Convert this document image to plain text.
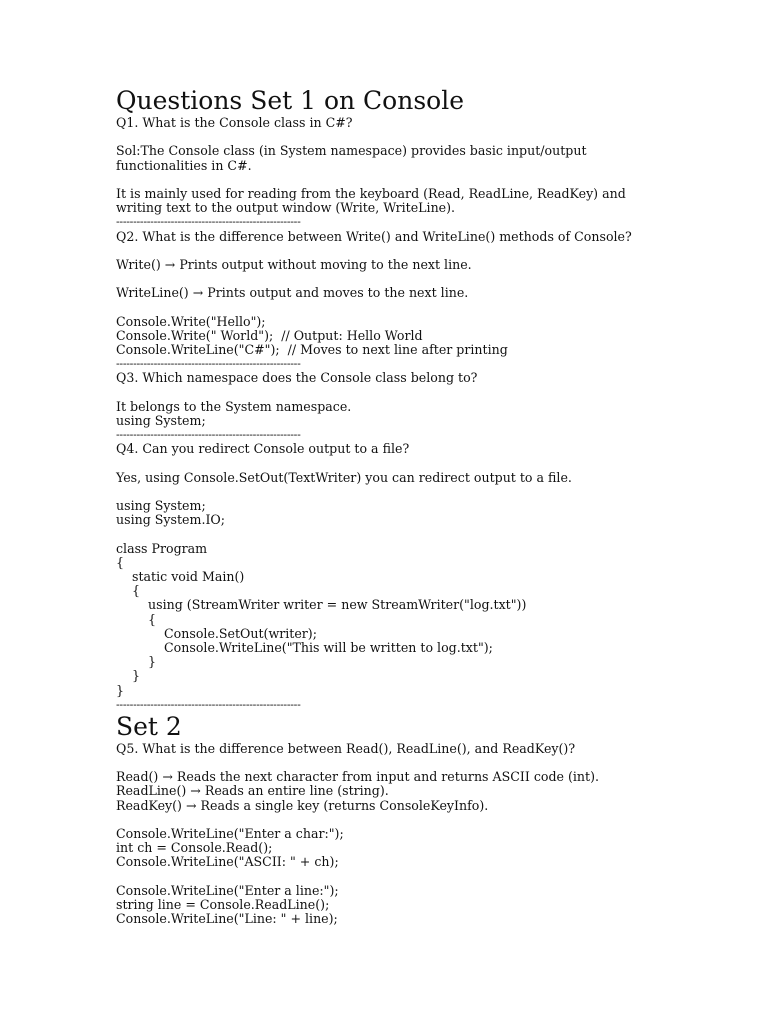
Questions Set 1 on Console
Q1. What is the Console class in C#?
Sol:The Console class (in System namespace) provides basic input/output
functionalities in C#.
It is mainly used for reading from the keyboard (Read, ReadLine, ReadKey) and
writing text to the output window (Write, WriteLine).
------------------------------------------------------
Q2. What is the difference between Write() and WriteLine() methods of Console?
Write() → Prints output without moving to the next line.
WriteLine() → Prints output and moves to the next line.
Console.Write("Hello");
Console.Write(" World");  // Output: Hello World
Console.WriteLine("C#");  // Moves to next line after printing
------------------------------------------------------
Q3. Which namespace does the Console class belong to?
It belongs to the System namespace.
using System;
------------------------------------------------------
Q4. Can you redirect Console output to a file?
Yes, using Console.SetOut(TextWriter) you can redirect output to a file.
using System;
using System.IO;
class Program
{
static void Main()
{
using (StreamWriter writer = new StreamWriter("log.txt"))
{
Console.SetOut(writer);
Console.WriteLine("This will be written to log.txt");
}
}
}
------------------------------------------------------
Set 2
Q5. What is the difference between Read(), ReadLine(), and ReadKey()?
Read() → Reads the next character from input and returns ASCII code (int).
ReadLine() → Reads an entire line (string).
ReadKey() → Reads a single key (returns ConsoleKeyInfo).
Console.WriteLine("Enter a char:");
int ch = Console.Read();
Console.WriteLine("ASCII: " + ch);
Console.WriteLine("Enter a line:");
string line = Console.ReadLine();
Console.WriteLine("Line: " + line);
